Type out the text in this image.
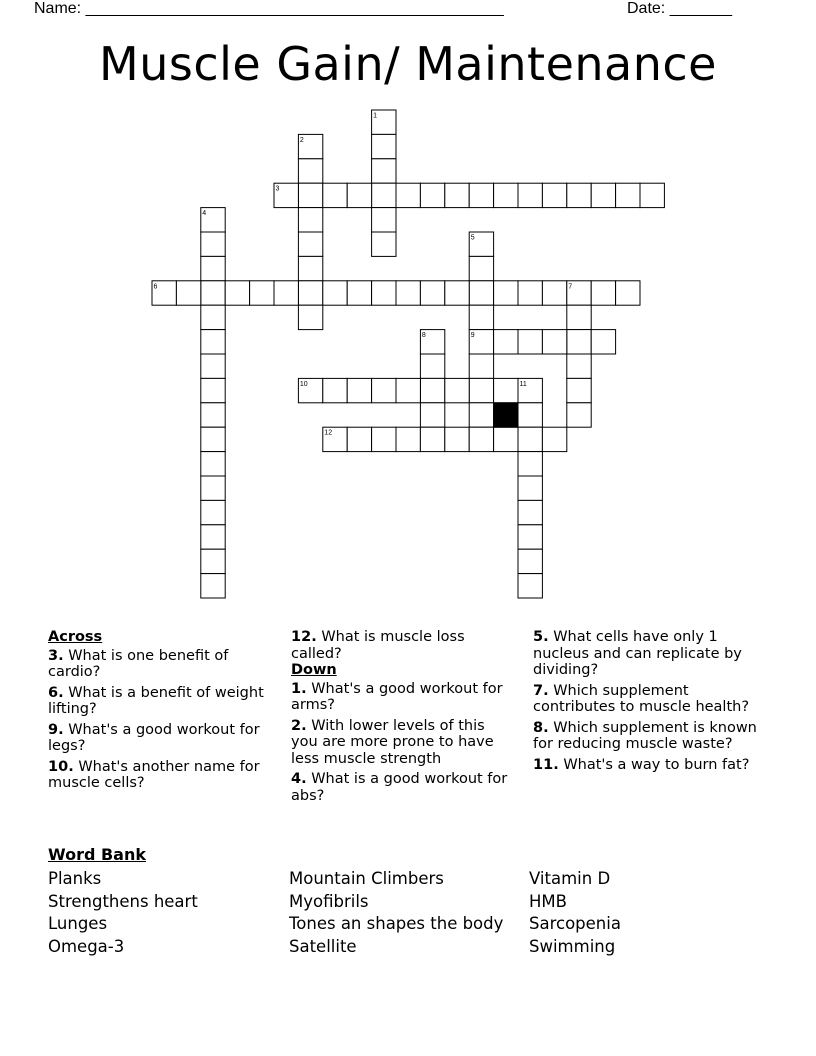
Name: _______________________________________________	Date: _______
Muscle Gain/ Maintenance
1
2
3
4
5
6	7
8	9
10	11
12
Across
3. What is one benefit of cardio?
6. What is a benefit of weight lifting?
9. What's a good workout for legs?
10. What's another name for muscle cells?
12. What is muscle loss called?
Down
1. What's a good workout for arms?
2. With lower levels of this you are more prone to have less muscle strength
4. What is a good workout for abs?
5. What cells have only 1 nucleus and can replicate by dividing?
7. Which supplement contributes to muscle health?
8. Which supplement is known for reducing muscle waste?
11. What's a way to burn fat?
Word Bank
Planks
Strengthens heart
Lunges
Omega-3
Mountain Climbers
Myofibrils
Tones an shapes the body
Satellite
Vitamin D
HMB
Sarcopenia
Swimming
